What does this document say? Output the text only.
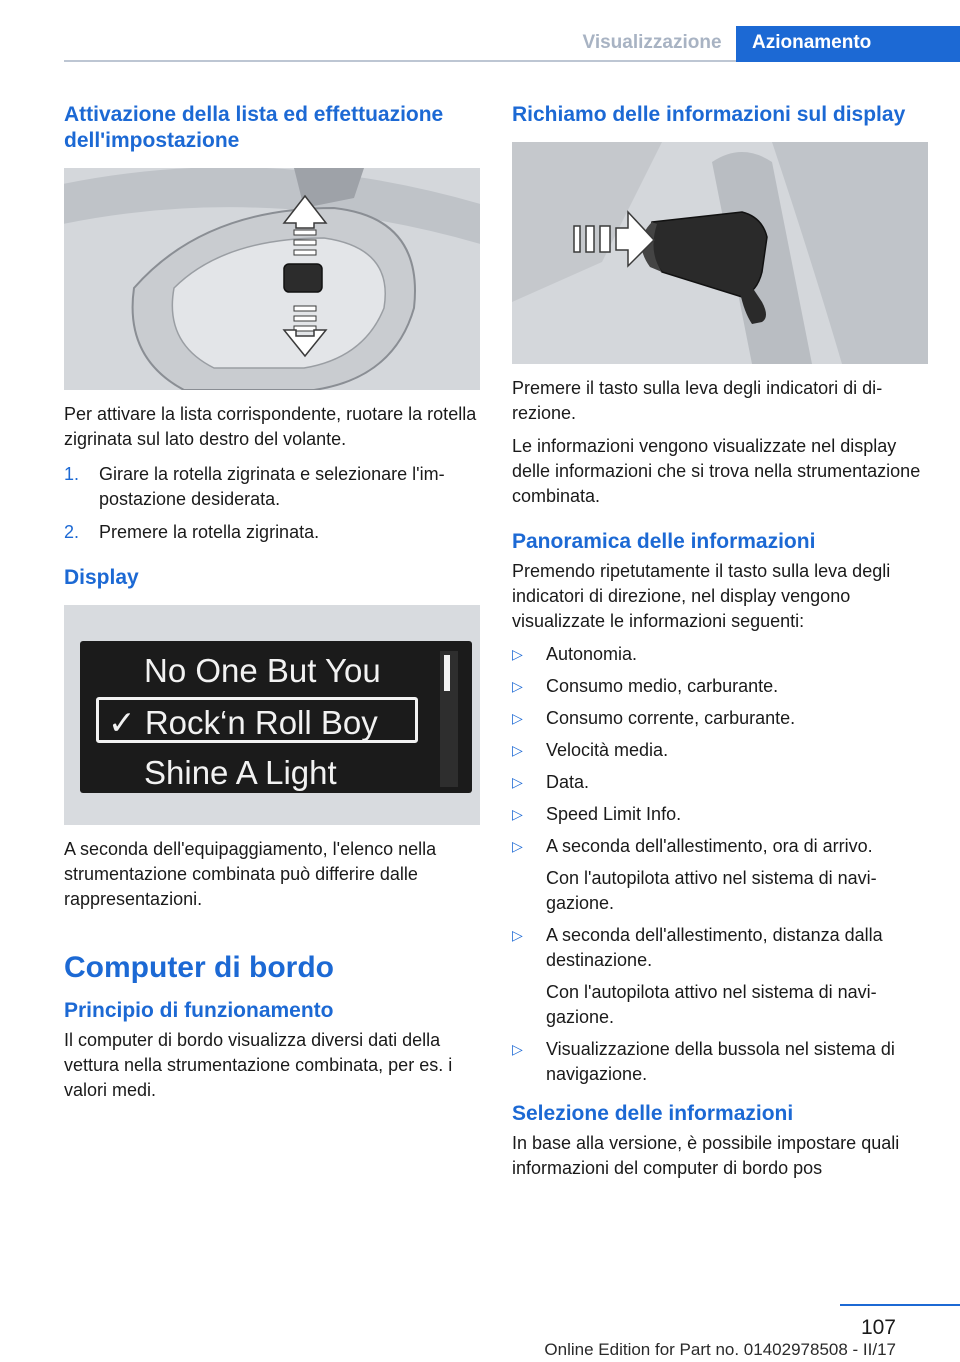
Visualizzazione	Azionamento
Attivazione della lista ed effettuazione dell'impostazione

Per attivare la lista corrispondente, ruotare la rotella zigrinata sul lato destro del volante.

1. Girare la rotella zigrinata e selezionare l'impostazione desiderata.
2. Premere la rotella zigrinata.
Display
No One But You
✓ Rock‘n Roll Boy
Shine A Light

A seconda dell'equipaggiamento, l'elenco nella strumentazione combinata può differire dalle rappresentazioni.

Computer di bordo
Principio di funzionamento

Il computer di bordo visualizza diversi dati della vettura nella strumentazione combinata, per es. i valori medi.

Richiamo delle informazioni sul display

Premere il tasto sulla leva degli indicatori di direzione.

Le informazioni vengono visualizzate nel display delle informazioni che si trova nella strumentazione combinata.

Panoramica delle informazioni

Premendo ripetutamente il tasto sulla leva degli indicatori di direzione, nel display vengono visualizzate le informazioni seguenti:

▷ Autonomia.
▷ Consumo medio, carburante.
▷ Consumo corrente, carburante.
▷ Velocità media.
▷ Data.
▷ Speed Limit Info.
▷ A seconda dell'allestimento, ora di arrivo.
Con l'autopilota attivo nel sistema di navigazione.
▷ A seconda dell'allestimento, distanza dalla destinazione.
Con l'autopilota attivo nel sistema di navigazione.
▷ Visualizzazione della bussola nel sistema di navigazione.
Selezione delle informazioni

In base alla versione, è possibile impostare quali informazioni del computer di bordo pos

107
Online Edition for Part no. 01402978508 - II/17
